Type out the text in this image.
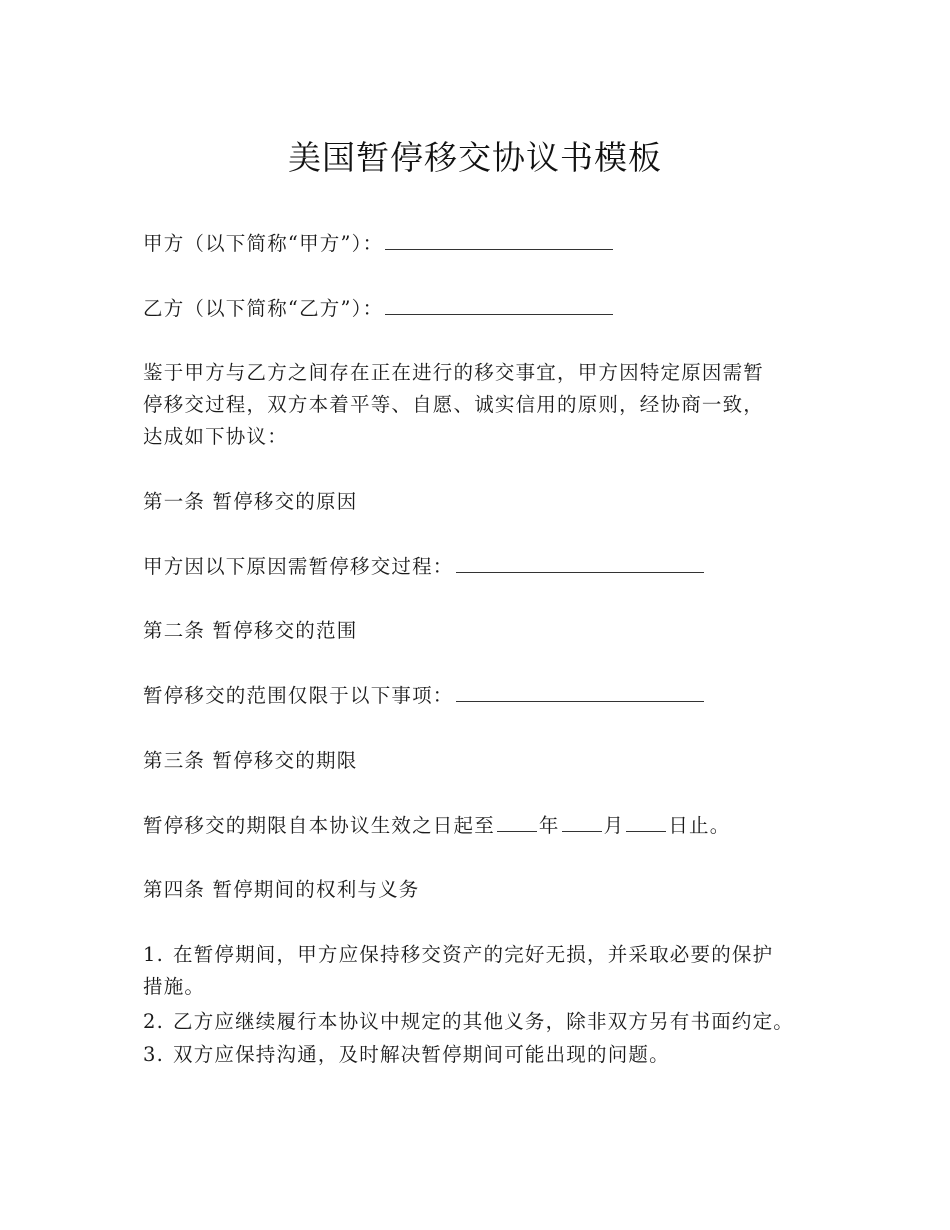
美国暂停移交协议书模板
甲方（以下简称“甲方”）：
乙方（以下简称“乙方”）：
鉴于甲方与乙方之间存在正在进行的移交事宜，甲方因特定原因需暂
停移交过程，双方本着平等、自愿、诚实信用的原则，经协商一致，
达成如下协议：
第一条 暂停移交的原因
甲方因以下原因需暂停移交过程：
第二条 暂停移交的范围
暂停移交的范围仅限于以下事项：
第三条 暂停移交的期限
暂停移交的期限自本协议生效之日起至 年 月 日止。
第四条 暂停期间的权利与义务
1. 在暂停期间，甲方应保持移交资产的完好无损，并采取必要的保护
措施。
2. 乙方应继续履行本协议中规定的其他义务，除非双方另有书面约定。
3. 双方应保持沟通，及时解决暂停期间可能出现的问题。
